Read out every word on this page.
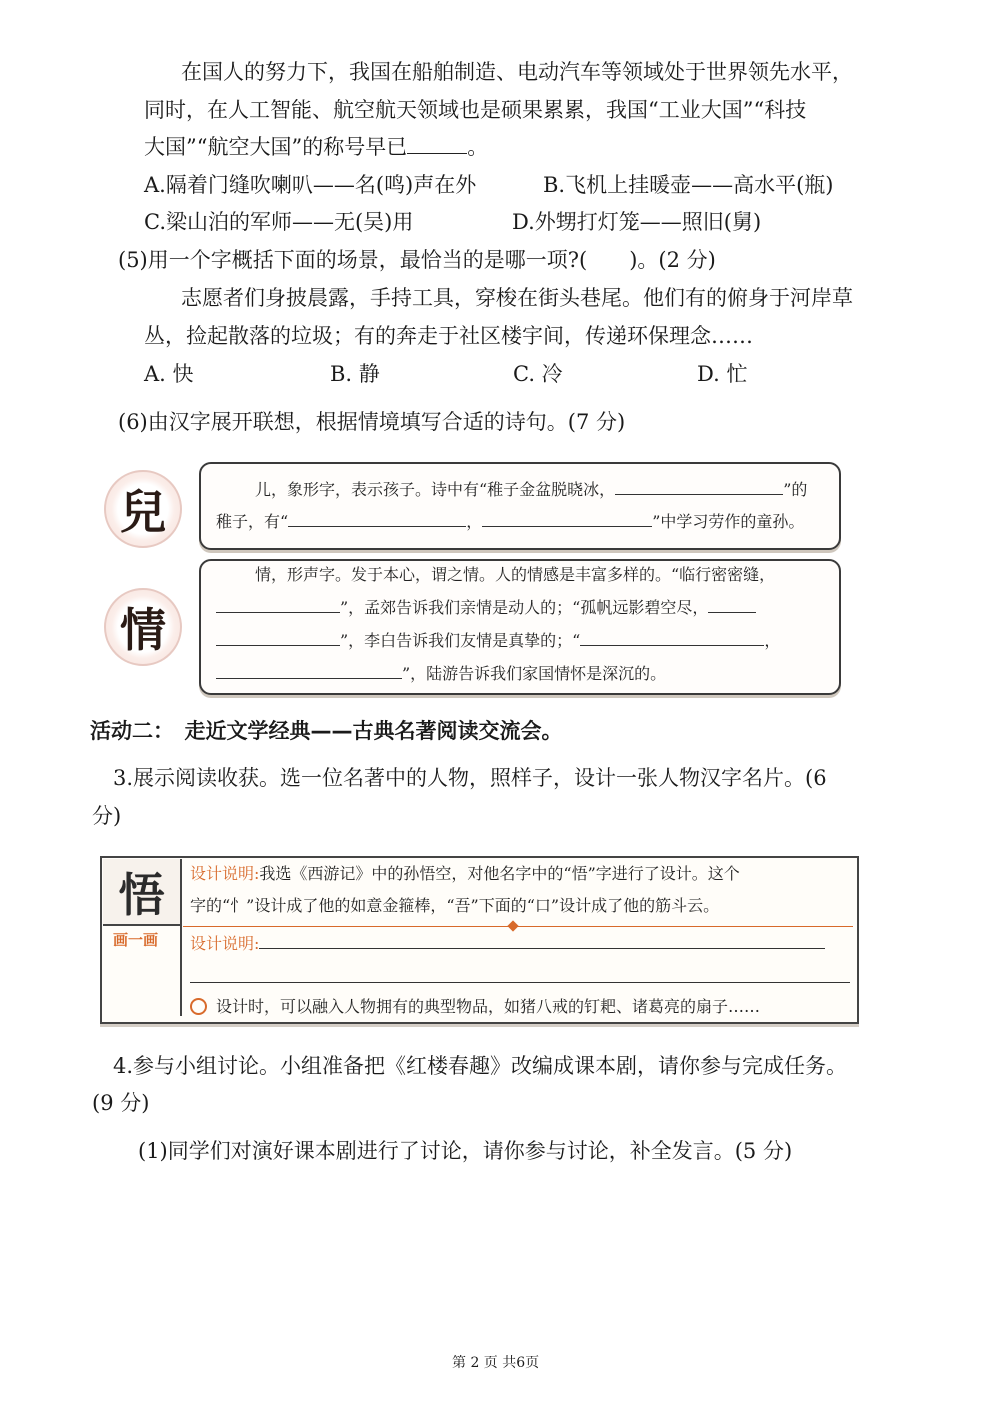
在国人的努力下，我国在船舶制造、电动汽车等领域处于世界领先水平，
同时，在人工智能、航空航天领域也是硕果累累，我国“工业大国”“科技
大国”“航空大国”的称号早已	。
A.隔着门缝吹喇叭——名(鸣)声在外	B.飞机上挂暖壶——高水平(瓶)
C.梁山泊的军师——无(吴)用	D.外甥打灯笼——照旧(舅)
(5)用一个字概括下面的场景，最恰当的是哪一项?(　　)。(2 分)
志愿者们身披晨露，手持工具，穿梭在街头巷尾。他们有的俯身于河岸草
丛，捡起散落的垃圾；有的奔走于社区楼宇间，传递环保理念……
A. 快	B. 静	C. 冷	D. 忙
(6)由汉字展开联想，根据情境填写合适的诗句。(7 分)
兒	儿，象形字，表示孩子。诗中有“稚子金盆脱晓冰，	”的
稚子，有“	，	”中学习劳作的童孙。
情
情，形声字。发于本心，谓之情。人的情感是丰富多样的。“临行密密缝，
”，孟郊告诉我们亲情是动人的；“孤帆远影碧空尽，
”，李白告诉我们友情是真挚的；“	，
”，陆游告诉我们家国情怀是深沉的。
活动二：　走近文学经典——古典名著阅读交流会。
3.展示阅读收获。选一位名著中的人物，照样子，设计一张人物汉字名片。(6
分)
悟
画一画
设计说明:我选《西游记》中的孙悟空，对他名字中的“悟”字进行了设计。这个
字的“忄”设计成了他的如意金箍棒，“吾”下面的“口”设计成了他的筋斗云。
设计说明:
设计时，可以融入人物拥有的典型物品，如猪八戒的钉耙、诸葛亮的扇子……
4.参与小组讨论。小组准备把《红楼春趣》改编成课本剧，请你参与完成任务。
(9 分)
(1)同学们对演好课本剧进行了讨论，请你参与讨论，补全发言。(5 分)
第 2 页 共6页
